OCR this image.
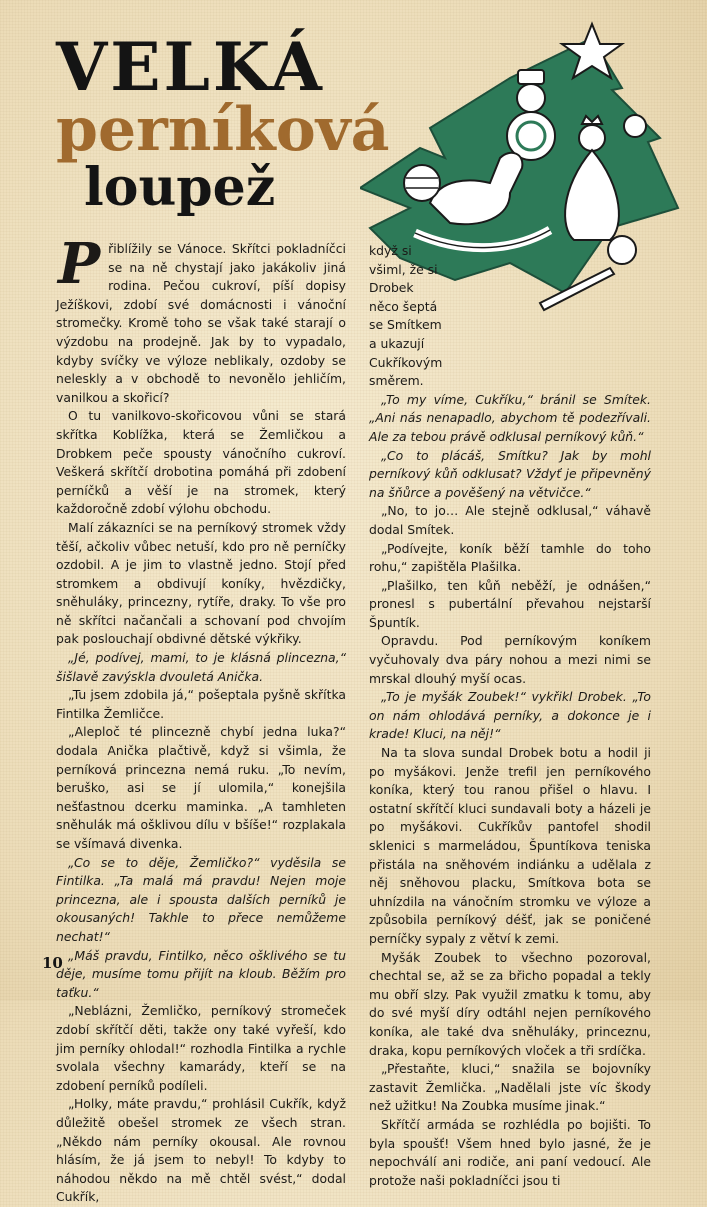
VELKÁ
perníková
loupež

Přiblížily se Vánoce. Skřítci pokladníčci se na ně chystají jako jakákoliv jiná rodina. Pečou cukroví, píší dopisy Ježíškovi, zdobí své domácnosti i vánoční stromečky. Kromě toho se však také starají o výzdobu na prodejně. Jak by to vypadalo, kdyby svíčky ve výloze neblikaly, ozdoby se neleskly a v obchodě to nevonělo jehličím, vanilkou a skořicí?

O tu vanilkovo-skořicovou vůni se stará skřítka Koblížka, která se Žemličkou a Drobkem peče spousty vánočního cukroví. Veškerá skřítčí drobotina pomáhá při zdobení perníčků a věší je na stromek, který každoročně zdobí výlohu obchodu.

Malí zákazníci se na perníkový stromek vždy těší, ačkoliv vůbec netuší, kdo pro ně perníčky ozdobil. A je jim to vlastně jedno. Stojí před stromkem a obdivují koníky, hvězdičky, sněhuláky, princezny, rytíře, draky. To vše pro ně skřítci načančali a schovaní pod chvojím pak poslouchají obdivné dětské výkřiky.

„Jé, podívej, mami, to je klásná plincezna,“ šišlavě zavýskla dvouletá Anička.

„Tu jsem zdobila já,“ pošeptala pyšně skřítka Fintilka Žemličce.

„Aleploč té plincezně chybí jedna luka?“ dodala Anička plačtivě, když si všimla, že perníková princezna nemá ruku. „To nevím, beruško, asi se jí ulomila,“ konejšila nešťastnou dcerku maminka. „A tamhleten sněhulák má ošklivou dílu v bšíše!“ rozplakala se všímavá divenka.

„Co se to děje, Žemličko?“ vyděsila se Fintilka. „Ta malá má pravdu! Nejen moje princezna, ale i spousta dalších perníků je okousaných! Takhle to přece nemůžeme nechat!“

„Máš pravdu, Fintilko, něco ošklivého se tu děje, musíme tomu přijít na kloub. Běžím pro taťku.“

„Neblázni, Žemličko, perníkový stromeček zdobí skřítčí děti, takže ony také vyřeší, kdo jim perníky ohlodal!“ rozhodla Fintilka a rychle svolala všechny kamarády, kteří se na zdobení perníků podíleli.

„Holky, máte pravdu,“ prohlásil Cukřík, když důležitě obešel stromek ze všech stran. „Někdo nám perníky okousal. Ale rovnou hlásím, že já jsem to nebyl! To kdyby to náhodou někdo na mě chtěl svést,“ dodal Cukřík,

když si všiml, že si Drobek něco šeptá se Smítkem a ukazují Cukříkovým směrem.

„To my víme, Cukříku,“ bránil se Smítek. „Ani nás nenapadlo, abychom tě podezřívali. Ale za tebou právě odklusal perníkový kůň.“

„Co to plácáš, Smítku? Jak by mohl perníkový kůň odklusat? Vždyť je připevněný na šňůrce a pověšený na větvičce.“

„No, to jo… Ale stejně odklusal,“ váhavě dodal Smítek.

„Podívejte, koník běží tamhle do toho rohu,“ zapištěla Plašilka.

„Plašilko, ten kůň neběží, je odnášen,“ pronesl s pubertální převahou nejstarší Špuntík.

Opravdu. Pod perníkovým koníkem vyčuhovaly dva páry nohou a mezi nimi se mrskal dlouhý myší ocas.

„To je myšák Zoubek!“ vykřikl Drobek. „To on nám ohlodává perníky, a dokonce je i krade! Kluci, na něj!“

Na ta slova sundal Drobek botu a hodil ji po myšákovi. Jenže trefil jen perníkového koníka, který tou ranou přišel o hlavu. I ostatní skřítčí kluci sundavali boty a házeli je po myšákovi. Cukříkův pantofel shodil sklenici s marmeládou, Špuntíkova teniska přistála na sněhovém indiánku a udělala z něj sněhovou placku, Smítkova bota se uhnízdila na vánočním stromku ve výloze a způsobila perníkový déšť, jak se poničené perníčky sypaly z větví k zemi.

Myšák Zoubek to všechno pozoroval, chechtal se, až se za břicho popadal a tekly mu obří slzy. Pak využil zmatku k tomu, aby do své myší díry odtáhl nejen perníkového koníka, ale také dva sněhuláky, princeznu, draka, kopu perníkových vloček a tři srdíčka.

„Přestaňte, kluci,“ snažila se bojovníky zastavit Žemlička. „Nadělali jste víc škody než užitku! Na Zoubka musíme jinak.“

Skřítčí armáda se rozhlédla po bojišti. To byla spoušť! Všem hned bylo jasné, že je nepochválí ani rodiče, ani paní vedoucí. Ale protože naši pokladníčci jsou ti

10
